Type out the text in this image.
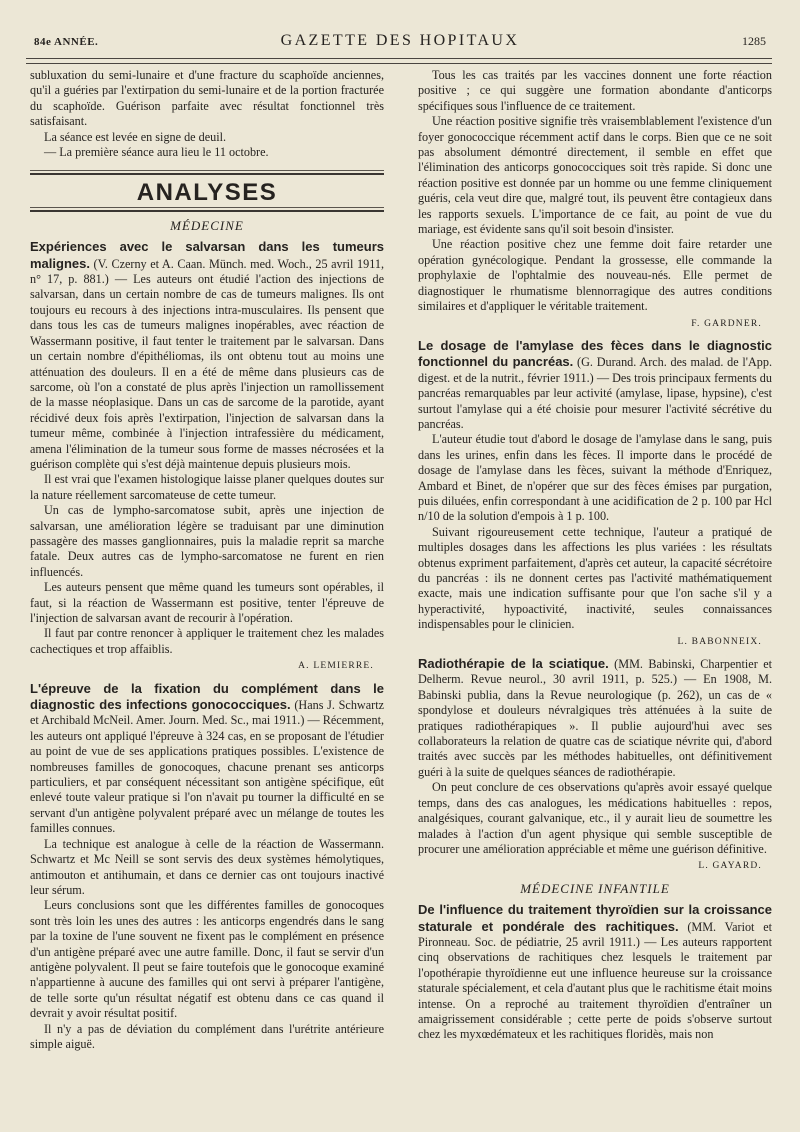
84e ANNÉE.	GAZETTE DES HOPITAUX	1285

subluxation du semi-lunaire et d'une fracture du scaphoïde anciennes, qu'il a guéries par l'extirpation du semi-lunaire et de la portion fracturée du scaphoïde. Guérison parfaite avec résultat fonctionnel très satisfaisant.

La séance est levée en signe de deuil.

— La première séance aura lieu le 11 octobre.

ANALYSES
MÉDECINE

Expériences avec le salvarsan dans les tumeurs malignes. (V. Czerny et A. Caan. Münch. med. Woch., 25 avril 1911, n° 17, p. 881.) — Les auteurs ont étudié l'action des injections de salvarsan, dans un certain nombre de cas de tumeurs malignes. Ils ont toujours eu recours à des injections intra-musculaires. Ils pensent que dans tous les cas de tumeurs malignes inopérables, avec réaction de Wassermann positive, il faut tenter le traitement par le salvarsan. Dans un certain nombre d'épithéliomas, ils ont obtenu tout au moins une atténuation des douleurs. Il en a été de même dans plusieurs cas de sarcome, où l'on a constaté de plus après l'injection un ramollissement de la masse néoplasique. Dans un cas de sarcome de la parotide, ayant récidivé deux fois après l'extirpation, l'injection de salvarsan dans la tumeur même, combinée à l'injection intrafessière du médicament, amena l'élimination de la tumeur sous forme de masses nécrosées et la guérison complète qui s'est déjà maintenue depuis plusieurs mois.

Il est vrai que l'examen histologique laisse planer quelques doutes sur la nature réellement sarcomateuse de cette tumeur.

Un cas de lympho-sarcomatose subit, après une injection de salvarsan, une amélioration légère se traduisant par une diminution passagère des masses ganglionnaires, puis la maladie reprit sa marche fatale. Deux autres cas de lympho-sarcomatose ne furent en rien influencés.

Les auteurs pensent que même quand les tumeurs sont opérables, il faut, si la réaction de Wassermann est positive, tenter l'épreuve de l'injection de salvarsan avant de recourir à l'opération.

Il faut par contre renoncer à appliquer le traitement chez les malades cachectiques et trop affaiblis.

A. LEMIERRE.

L'épreuve de la fixation du complément dans le diagnostic des infections gonococciques. (Hans J. Schwartz et Archibald McNeil. Amer. Journ. Med. Sc., mai 1911.) — Récemment, les auteurs ont appliqué l'épreuve à 324 cas, en se proposant de l'étudier au point de vue de ses applications pratiques possibles. L'existence de nombreuses familles de gonocoques, chacune prenant ses anticorps particuliers, et par conséquent nécessitant son antigène spécifique, eût enlevé toute valeur pratique si l'on n'avait pu tourner la difficulté en se servant d'un antigène polyvalent préparé avec un mélange de toutes les familles connues.

La technique est analogue à celle de la réaction de Wassermann. Schwartz et Mc Neill se sont servis des deux systèmes hémolytiques, antimouton et antihumain, et dans ce dernier cas ont toujours inactivé leur sérum.

Leurs conclusions sont que les différentes familles de gonocoques sont très loin les unes des autres : les anticorps engendrés dans le sang par la toxine de l'une souvent ne fixent pas le complément en présence d'un antigène préparé avec une autre famille. Donc, il faut se servir d'un antigène polyvalent. Il peut se faire toutefois que le gonocoque examiné n'appartienne à aucune des familles qui ont servi à préparer l'antigène, de telle sorte qu'un résultat négatif est obtenu dans ce cas quand il devrait y avoir résultat positif.

Il n'y a pas de déviation du complément dans l'urétrite antérieure simple aiguë.

Tous les cas traités par les vaccines donnent une forte réaction positive ; ce qui suggère une formation abondante d'anticorps spécifiques sous l'influence de ce traitement.

Une réaction positive signifie très vraisemblablement l'existence d'un foyer gonococcique récemment actif dans le corps. Bien que ce ne soit pas absolument démontré directement, il semble en effet que l'élimination des anticorps gonococciques soit très rapide. Si donc une réaction positive est donnée par un homme ou une femme cliniquement guéris, cela veut dire que, malgré tout, ils peuvent être contagieux dans les rapports sexuels. L'importance de ce fait, au point de vue du mariage, est évidente sans qu'il soit besoin d'insister.

Une réaction positive chez une femme doit faire retarder une opération gynécologique. Pendant la grossesse, elle commande la prophylaxie de l'ophtalmie des nouveau-nés. Elle permet de diagnostiquer le rhumatisme blennorragique des autres conditions similaires et d'appliquer le véritable traitement.

F. GARDNER.

Le dosage de l'amylase des fèces dans le diagnostic fonctionnel du pancréas. (G. Durand. Arch. des malad. de l'App. digest. et de la nutrit., février 1911.) — Des trois principaux ferments du pancréas remarquables par leur activité (amylase, lipase, hypsine), c'est surtout l'amylase qui a été choisie pour mesurer l'activité sécrétive du pancréas.

L'auteur étudie tout d'abord le dosage de l'amylase dans le sang, puis dans les urines, enfin dans les fèces. Il importe dans le procédé de dosage de l'amylase dans les fèces, suivant la méthode d'Enriquez, Ambard et Binet, de n'opérer que sur des fèces émises par purgation, puis diluées, enfin correspondant à une acidification de 2 p. 100 par Hcl n/10 de la solution d'empois à 1 p. 100.

Suivant rigoureusement cette technique, l'auteur a pratiqué de multiples dosages dans les affections les plus variées : les résultats obtenus expriment parfaitement, d'après cet auteur, la capacité sécrétoire du pancréas : ils ne donnent certes pas l'activité mathématiquement exacte, mais une indication suffisante pour que l'on sache s'il y a hyperactivité, hypoactivité, inactivité, seules connaissances indispensables pour le clinicien.

L. BABONNEIX.

Radiothérapie de la sciatique. (MM. Babinski, Charpentier et Delherm. Revue neurol., 30 avril 1911, p. 525.) — En 1908, M. Babinski publia, dans la Revue neurologique (p. 262), un cas de « spondylose et douleurs névralgiques très atténuées à la suite de pratiques radiothérapiques ». Il publie aujourd'hui avec ses collaborateurs la relation de quatre cas de sciatique névrite qui, d'abord traités avec succès par les méthodes habituelles, ont définitivement guéri à la suite de quelques séances de radiothérapie.

On peut conclure de ces observations qu'après avoir essayé quelque temps, dans des cas analogues, les médications habituelles : repos, analgésiques, courant galvanique, etc., il y aurait lieu de soumettre les malades à l'action d'un agent physique qui semble susceptible de procurer une amélioration appréciable et même une guérison définitive.

L. GAYARD.
MÉDECINE INFANTILE

De l'influence du traitement thyroïdien sur la croissance staturale et pondérale des rachitiques. (MM. Variot et Pironneau. Soc. de pédiatrie, 25 avril 1911.) — Les auteurs rapportent cinq observations de rachitiques chez lesquels le traitement par l'opothérapie thyroïdienne eut une influence heureuse sur la croissance staturale spécialement, et cela d'autant plus que le rachitisme était moins intense. On a reproché au traitement thyroïdien d'entraîner un amaigrissement considérable ; cette perte de poids s'observe surtout chez les myxœdémateux et les rachitiques floridès, mais non
